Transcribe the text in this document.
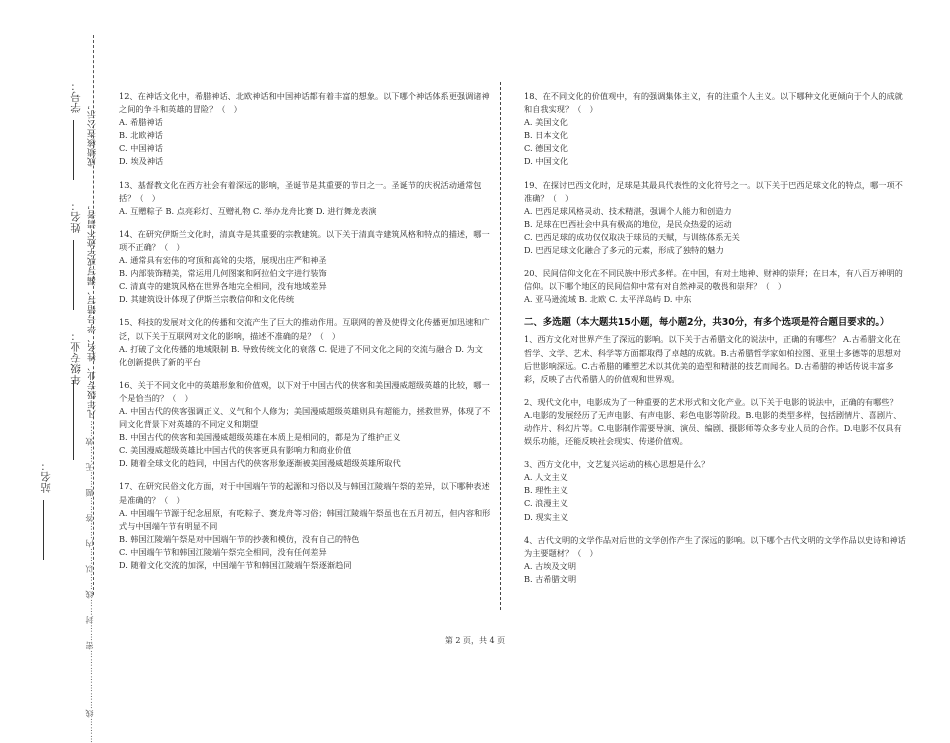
学号：
姓名：
年级专业：
成绩核查公示，
凡年级专业、姓名、学号错写、漏写或字迹不清者，
………线…………………密……封……线……以……内……答……题……无……效……
站名：
12、在神话文化中，希腊神话、北欧神话和中国神话都有着丰富的想象。以下哪个神话体系更强调诸神之间的争斗和英雄的冒险？（　）
A. 希腊神话
B. 北欧神话
C. 中国神话
D. 埃及神话
13、基督教文化在西方社会有着深远的影响，圣诞节是其重要的节日之一。圣诞节的庆祝活动通常包括？（　）
A. 互赠粽子 B. 点亮彩灯、互赠礼物 C. 举办龙舟比赛 D. 进行舞龙表演
14、在研究伊斯兰文化时，清真寺是其重要的宗教建筑。以下关于清真寺建筑风格和特点的描述，哪一项不正确？（　）
A. 通常具有宏伟的穹顶和高耸的尖塔，展现出庄严和神圣
B. 内部装饰精美，常运用几何图案和阿拉伯文字进行装饰
C. 清真寺的建筑风格在世界各地完全相同，没有地域差异
D. 其建筑设计体现了伊斯兰宗教信仰和文化传统
15、科技的发展对文化的传播和交流产生了巨大的推动作用。互联网的普及使得文化传播更加迅速和广泛，以下关于互联网对文化的影响，描述不准确的是？（　）
A. 打破了文化传播的地域限制 B. 导致传统文化的衰落 C. 促进了不同文化之间的交流与融合 D. 为文化创新提供了新的平台
16、关于不同文化中的英雄形象和价值观，以下对于中国古代的侠客和美国漫威超级英雄的比较，哪一个是恰当的？（　）
A. 中国古代的侠客强调正义、义气和个人修为；美国漫威超级英雄则具有超能力，拯救世界，体现了不同文化背景下对英雄的不同定义和期望
B. 中国古代的侠客和美国漫威超级英雄在本质上是相同的，都是为了维护正义
C. 美国漫威超级英雄比中国古代的侠客更具有影响力和商业价值
D. 随着全球文化的趋同，中国古代的侠客形象逐渐被美国漫威超级英雄所取代
17、在研究民俗文化方面，对于中国端午节的起源和习俗以及与韩国江陵端午祭的差异，以下哪种表述是准确的？（　）
A. 中国端午节源于纪念屈原，有吃粽子、赛龙舟等习俗；韩国江陵端午祭虽也在五月初五，但内容和形式与中国端午节有明显不同
B. 韩国江陵端午祭是对中国端午节的抄袭和模仿，没有自己的特色
C. 中国端午节和韩国江陵端午祭完全相同，没有任何差异
D. 随着文化交流的加深，中国端午节和韩国江陵端午祭逐渐趋同
18、在不同文化的价值观中，有的强调集体主义，有的注重个人主义。以下哪种文化更倾向于个人的成就和自我实现？（　）
A. 美国文化
B. 日本文化
C. 德国文化
D. 中国文化
19、在探讨巴西文化时，足球是其最具代表性的文化符号之一。以下关于巴西足球文化的特点，哪一项不准确？（　）
A. 巴西足球风格灵动、技术精湛，强调个人能力和创造力
B. 足球在巴西社会中具有极高的地位，是民众热爱的运动
C. 巴西足球的成功仅仅取决于球员的天赋，与训练体系无关
D. 巴西足球文化融合了多元的元素，形成了独特的魅力
20、民间信仰文化在不同民族中形式多样。在中国，有对土地神、财神的崇拜；在日本，有八百万神明的信仰。以下哪个地区的民间信仰中常有对自然神灵的敬畏和崇拜？（　）
A. 亚马逊流域 B. 北欧 C. 太平洋岛屿 D. 中东
二、多选题（本大题共15小题，每小题2分，共30分，有多个选项是符合题目要求的。）
1、西方文化对世界产生了深远的影响。以下关于古希腊文化的说法中，正确的有哪些？ A.古希腊文化在哲学、文学、艺术、科学等方面都取得了卓越的成就。B.古希腊哲学家如柏拉图、亚里士多德等的思想对后世影响深远。C.古希腊的雕塑艺术以其优美的造型和精湛的技艺而闻名。D.古希腊的神话传说丰富多彩，反映了古代希腊人的价值观和世界观。
2、现代文化中，电影成为了一种重要的艺术形式和文化产业。以下关于电影的说法中，正确的有哪些？ A.电影的发展经历了无声电影、有声电影、彩色电影等阶段。B.电影的类型多样，包括剧情片、喜剧片、动作片、科幻片等。C.电影制作需要导演、演员、编剧、摄影师等众多专业人员的合作。D.电影不仅具有娱乐功能，还能反映社会现实、传递价值观。
3、西方文化中，文艺复兴运动的核心思想是什么？
A. 人文主义
B. 理性主义
C. 浪漫主义
D. 现实主义
4、古代文明的文学作品对后世的文学创作产生了深远的影响。以下哪个古代文明的文学作品以史诗和神话为主要题材？（　）
A. 古埃及文明
B. 古希腊文明
第 2 页，共 4 页
